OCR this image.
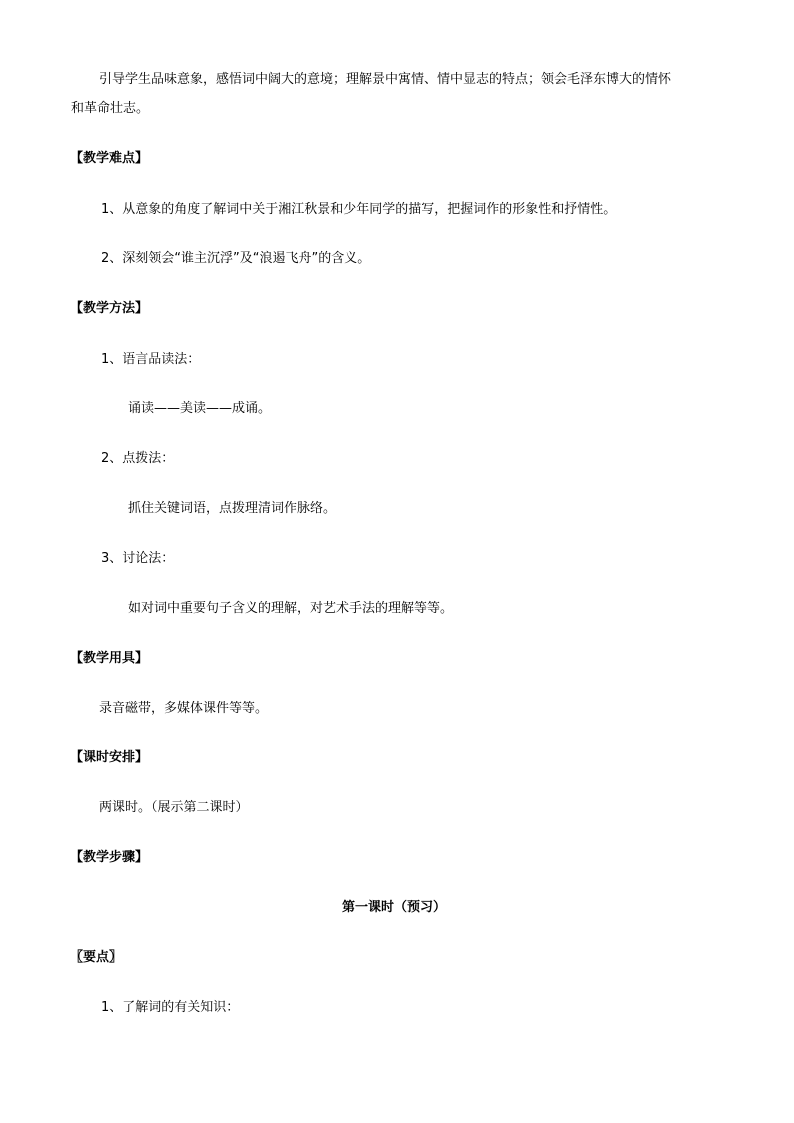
引导学生品味意象，感悟词中阔大的意境；理解景中寓情、情中显志的特点；领会毛泽东博大的情怀
和革命壮志。
【教学难点】
1、从意象的角度了解词中关于湘江秋景和少年同学的描写，把握词作的形象性和抒情性。
2、深刻领会“谁主沉浮”及“浪遏飞舟”的含义。
【教学方法】
1、语言品读法：
诵读——美读——成诵。
2、点拨法：
抓住关键词语，点拨理清词作脉络。
3、讨论法：
如对词中重要句子含义的理解，对艺术手法的理解等等。
【教学用具】
录音磁带，多媒体课件等等。
【课时安排】
两课时。（展示第二课时）
【教学步骤】
第一课时（预习）
〖要点〗
1、了解词的有关知识：
